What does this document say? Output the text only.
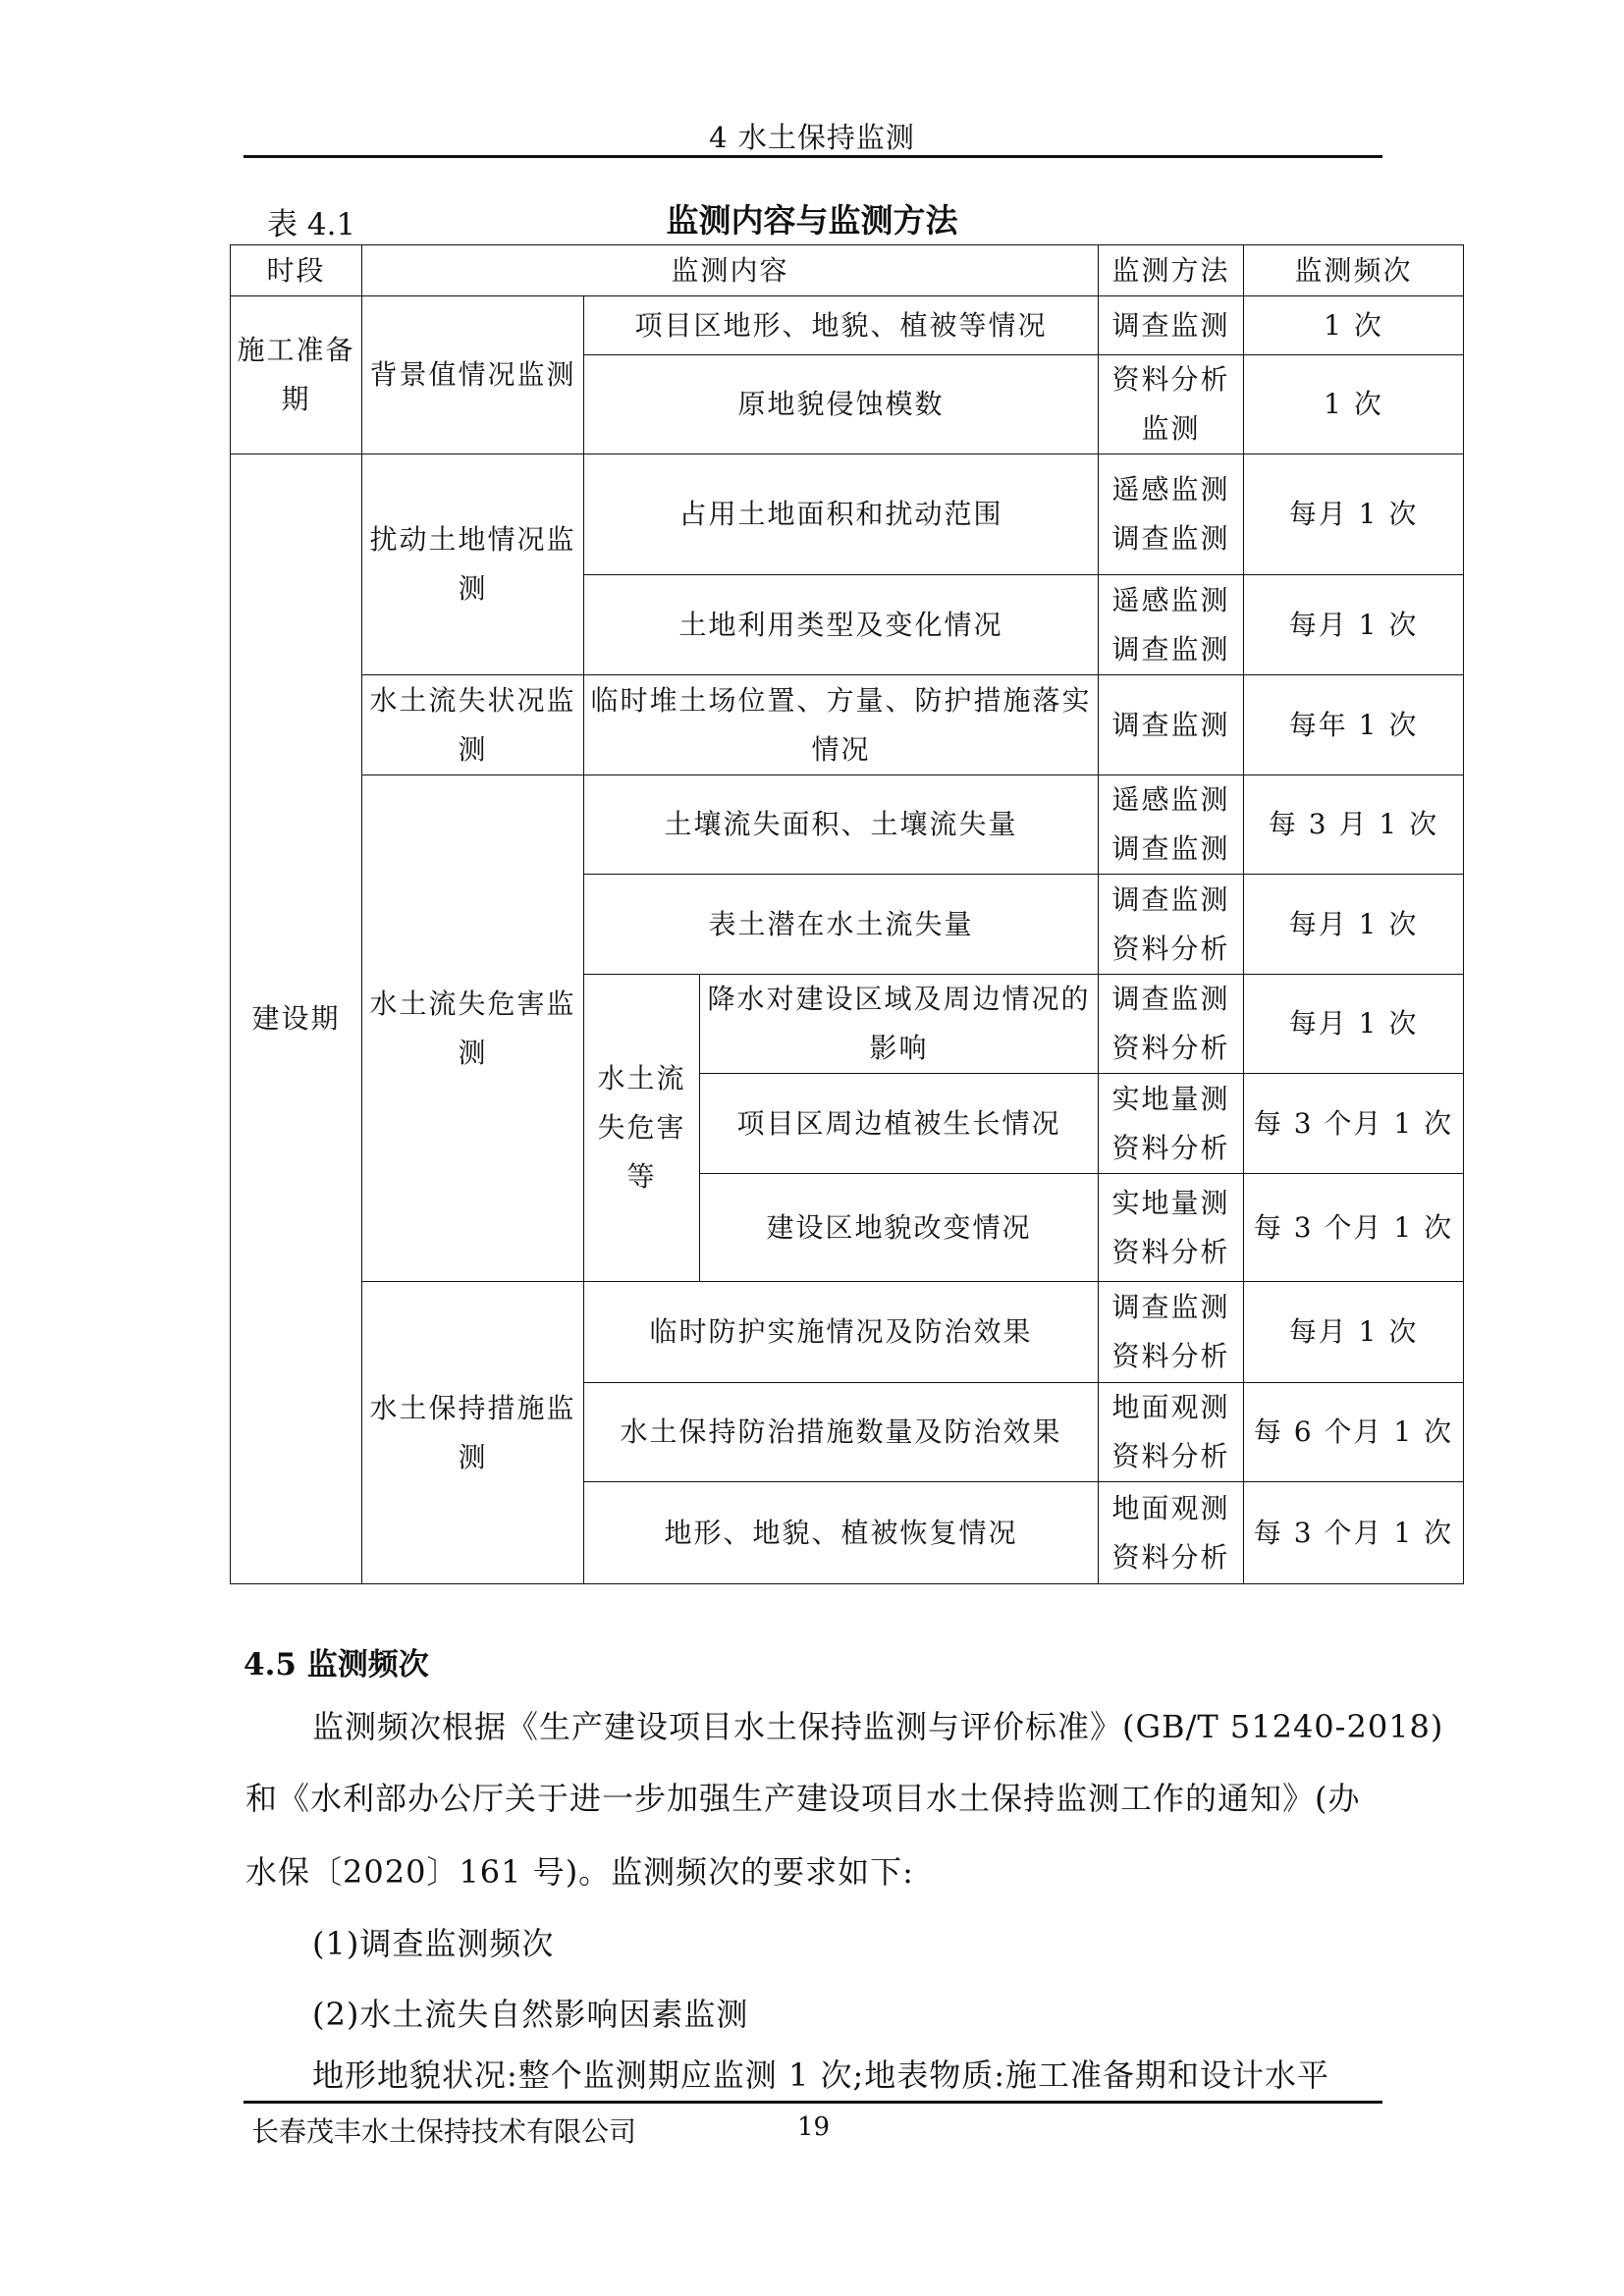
4 水土保持监测
表 4.1	监测内容与监测方法
时段	监测内容			监测方法	监测频次
施工准备期	背景值情况监测	项目区地形、地貌、植被等情况		调查监测	1 次
		原地貌侵蚀模数		资料分析监测	1 次
建设期	扰动土地情况监测	占用土地面积和扰动范围		遥感监测调查监测	每月 1 次
		土地利用类型及变化情况		遥感监测调查监测	每月 1 次
	水土流失状况监测	临时堆土场位置、方量、防护措施落实情况		调查监测	每年 1 次
	水土流失危害监测	土壤流失面积、土壤流失量		遥感监测调查监测	每 3 月 1 次
		表土潜在水土流失量		调查监测资料分析	每月 1 次
		水土流失危害等	降水对建设区域及周边情况的影响	调查监测资料分析	每月 1 次
			项目区周边植被生长情况	实地量测资料分析	每 3 个月 1 次
			建设区地貌改变情况	实地量测资料分析	每 3 个月 1 次
	水土保持措施监测	临时防护实施情况及防治效果		调查监测资料分析	每月 1 次
		水土保持防治措施数量及防治效果		地面观测资料分析	每 6 个月 1 次
		地形、地貌、植被恢复情况		地面观测资料分析	每 3 个月 1 次
4.5 监测频次
监测频次根据《生产建设项目水土保持监测与评价标准》(GB/T 51240-2018)
和《水利部办公厅关于进一步加强生产建设项目水土保持监测工作的通知》(办
水保〔2020〕161 号)。监测频次的要求如下:
(1)调查监测频次
(2)水土流失自然影响因素监测
地形地貌状况:整个监测期应监测 1 次;地表物质:施工准备期和设计水平
长春茂丰水土保持技术有限公司	19
